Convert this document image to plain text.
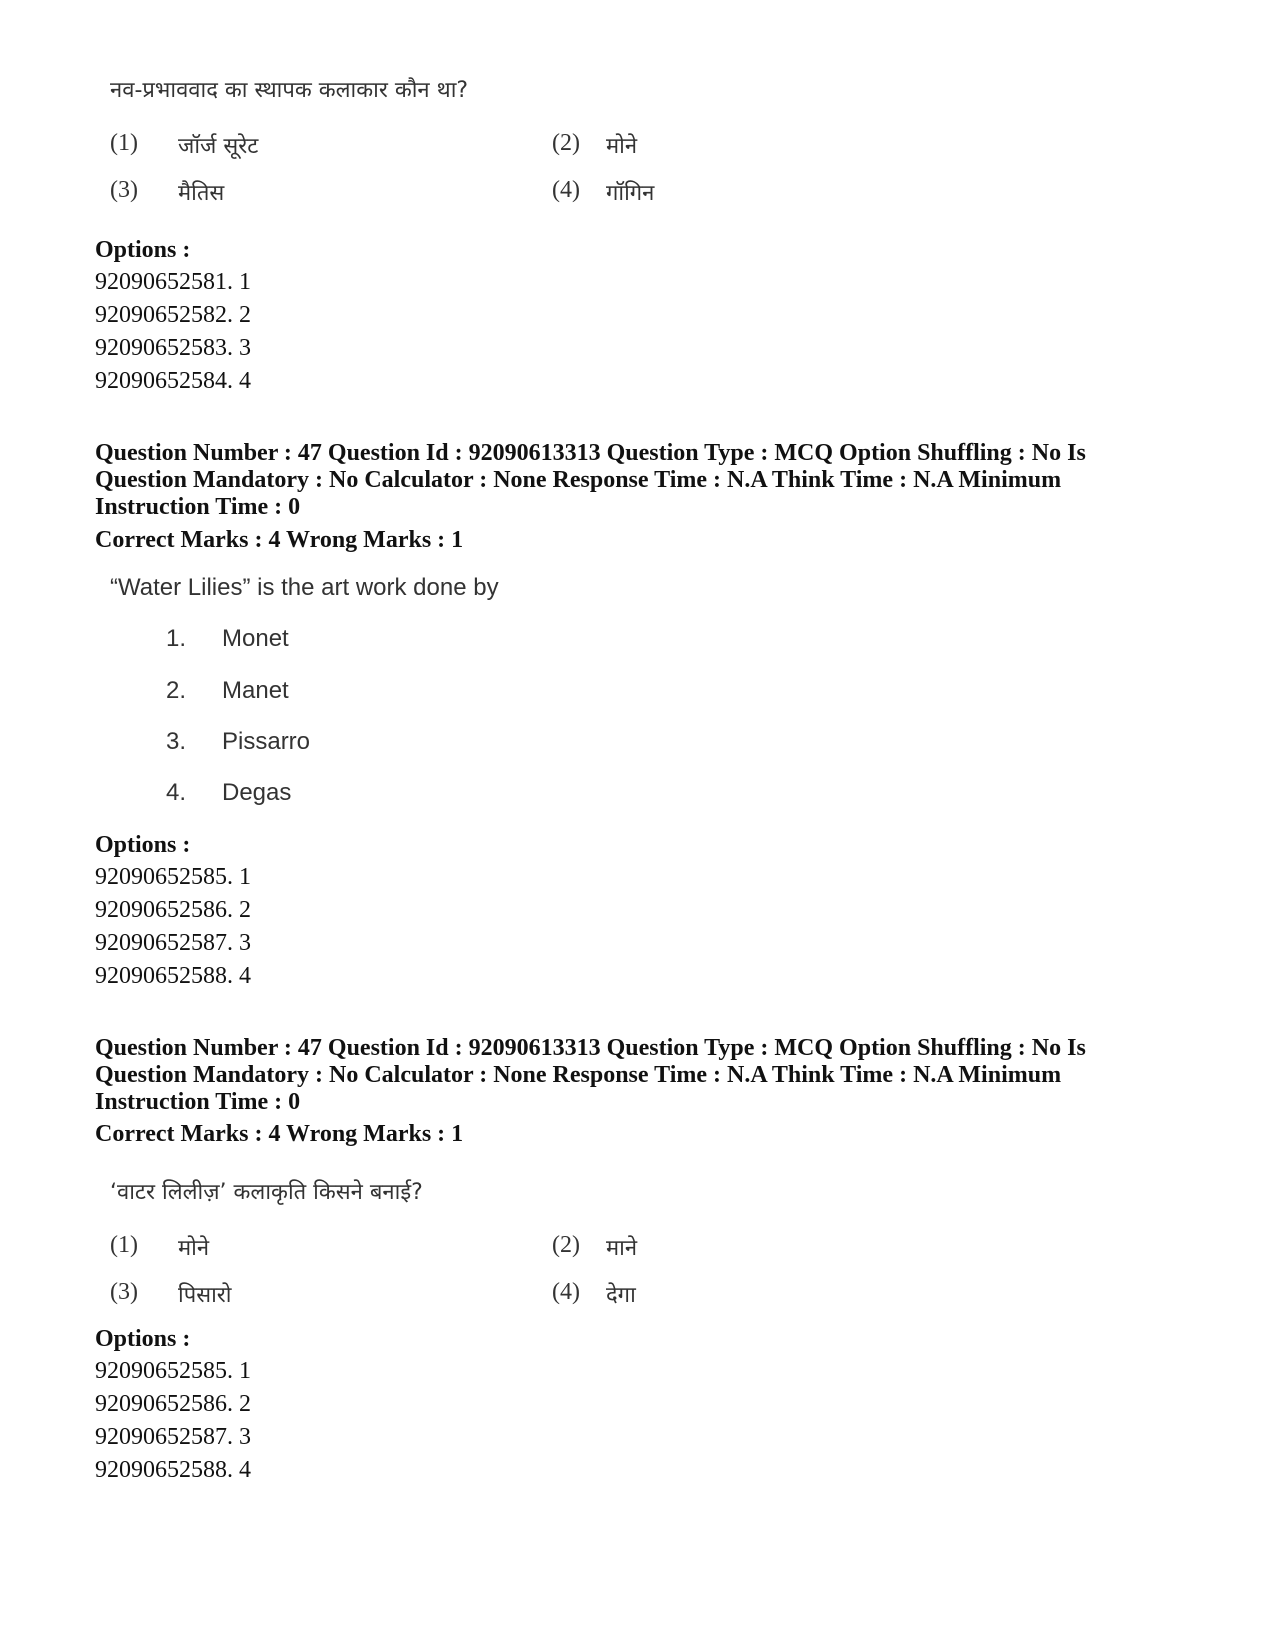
नव-प्रभाववाद का स्थापक कलाकार कौन था?
(1) जॉर्ज सूरेट	(2) मोने
(3) मैतिस	(4) गॉगिन
Options :
92090652581. 1
92090652582. 2
92090652583. 3
92090652584. 4
Question Number : 47 Question Id : 92090613313 Question Type : MCQ Option Shuffling : No Is
Question Mandatory : No Calculator : None Response Time : N.A Think Time : N.A Minimum
Instruction Time : 0
Correct Marks : 4 Wrong Marks : 1
“Water Lilies” is the art work done by
1. Monet
2. Manet
3. Pissarro
4. Degas
Options :
92090652585. 1
92090652586. 2
92090652587. 3
92090652588. 4
Question Number : 47 Question Id : 92090613313 Question Type : MCQ Option Shuffling : No Is
Question Mandatory : No Calculator : None Response Time : N.A Think Time : N.A Minimum
Instruction Time : 0
Correct Marks : 4 Wrong Marks : 1
‘वाटर लिलीज़’ कलाकृति किसने बनाई?
(1) मोने	(2) माने
(3) पिसारो	(4) देगा
Options :
92090652585. 1
92090652586. 2
92090652587. 3
92090652588. 4
